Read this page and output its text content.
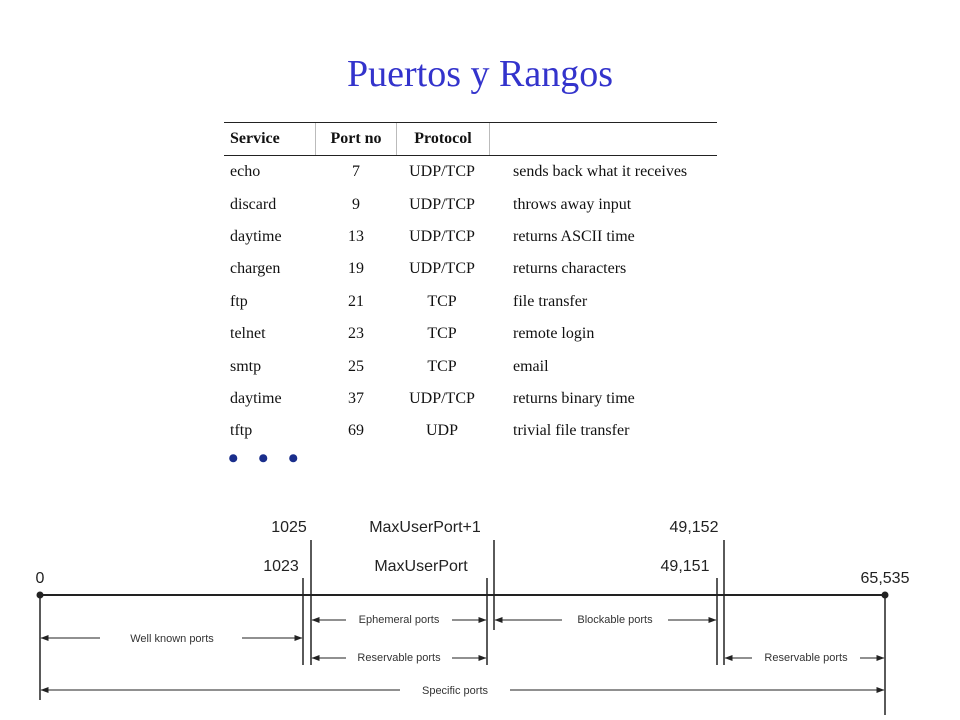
Puertos y Rangos
Service	Port no	Protocol
echo	7	UDP/TCP	sends back what it receives
discard	9	UDP/TCP	throws away input
daytime	13	UDP/TCP	returns ASCII time
chargen	19	UDP/TCP	returns characters
ftp	21	TCP	file transfer
telnet	23	TCP	remote login
smtp	25	TCP	email
daytime	37	UDP/TCP	returns binary time
tftp	69	UDP	trivial file transfer
• • •
1025	MaxUserPort+1	49,152
1023	MaxUserPort	49,151
0	65,535
Ephemeral ports	Blockable ports
Well known ports
Reservable ports	Reservable ports
Specific ports
